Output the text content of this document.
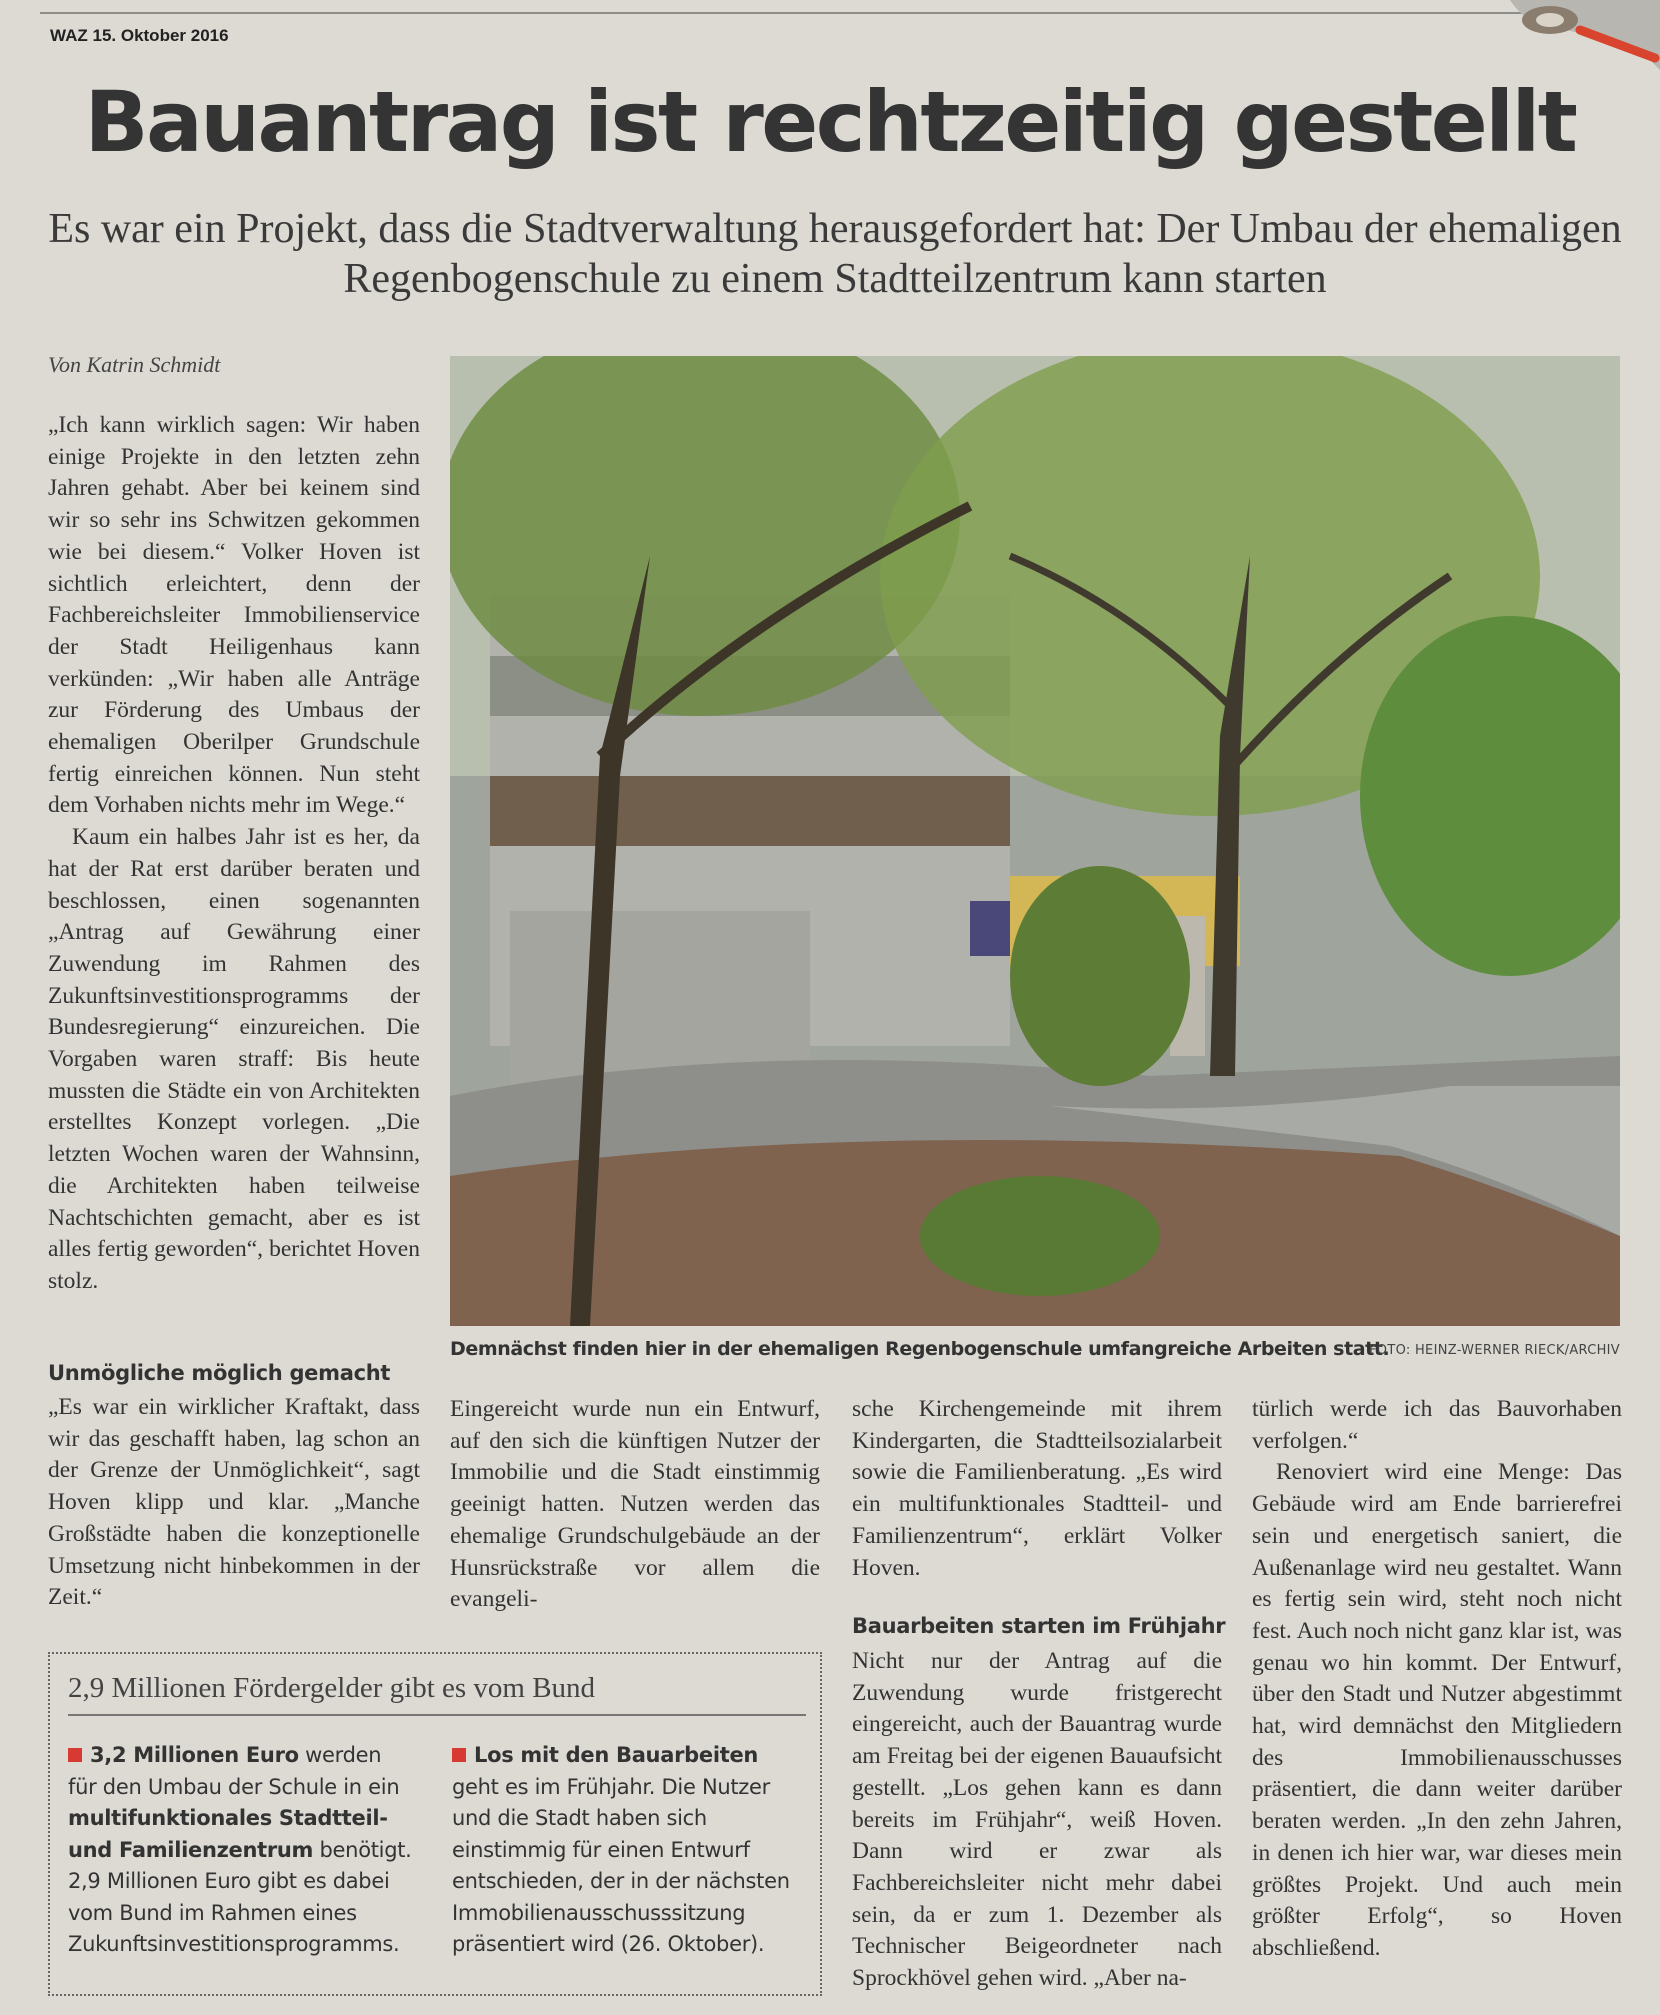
WAZ 15. Oktober 2016
Bauantrag ist rechtzeitig gestellt
Es war ein Projekt, dass die Stadtverwaltung herausgefordert hat: Der Umbau der ehemaligen Regenbogenschule zu einem Stadtteilzentrum kann starten
Von Katrin Schmidt

„Ich kann wirklich sagen: Wir haben einige Projekte in den letzten zehn Jahren gehabt. Aber bei keinem sind wir so sehr ins Schwitzen gekommen wie bei diesem.“ Volker Hoven ist sichtlich erleichtert, denn der Fachbereichsleiter Immobilienservice der Stadt Heiligenhaus kann verkünden: „Wir haben alle Anträge zur Förderung des Umbaus der ehemaligen Oberilper Grundschule fertig einreichen können. Nun steht dem Vorhaben nichts mehr im Wege.“

Kaum ein halbes Jahr ist es her, da hat der Rat erst darüber beraten und beschlossen, einen sogenannten „Antrag auf Gewährung einer Zuwendung im Rahmen des Zukunftsinvestitionsprogramms der Bundesregierung“ einzureichen. Die Vorgaben waren straff: Bis heute mussten die Städte ein von Architekten erstelltes Konzept vorlegen. „Die letzten Wochen waren der Wahnsinn, die Architekten haben teilweise Nachtschichten gemacht, aber es ist alles fertig geworden“, berichtet Hoven stolz.

Unmögliche möglich gemacht

„Es war ein wirklicher Kraftakt, dass wir das geschafft haben, lag schon an der Grenze der Unmöglichkeit“, sagt Hoven klipp und klar. „Manche Großstädte haben die konzeptionelle Umsetzung nicht hinbekommen in der Zeit.“

Demnächst finden hier in der ehemaligen Regenbogenschule umfangreiche Arbeiten statt.
FOTO: HEINZ-WERNER RIECK/ARCHIV

Eingereicht wurde nun ein Entwurf, auf den sich die künftigen Nutzer der Immobilie und die Stadt einstimmig geeinigt hatten. Nutzen werden das ehemalige Grundschulgebäude an der Hunsrückstraße vor allem die evangeli-

sche Kirchengemeinde mit ihrem Kindergarten, die Stadtteilsozialarbeit sowie die Familienberatung. „Es wird ein multifunktionales Stadtteil- und Familienzentrum“, erklärt Volker Hoven.

Bauarbeiten starten im Frühjahr

Nicht nur der Antrag auf die Zuwendung wurde fristgerecht eingereicht, auch der Bauantrag wurde am Freitag bei der eigenen Bauaufsicht gestellt. „Los gehen kann es dann bereits im Frühjahr“, weiß Hoven. Dann wird er zwar als Fachbereichsleiter nicht mehr dabei sein, da er zum 1. Dezember als Technischer Beigeordneter nach Sprockhövel gehen wird. „Aber na-

türlich werde ich das Bauvorhaben verfolgen.“

Renoviert wird eine Menge: Das Gebäude wird am Ende barrierefrei sein und energetisch saniert, die Außenanlage wird neu gestaltet. Wann es fertig sein wird, steht noch nicht fest. Auch noch nicht ganz klar ist, was genau wo hin kommt. Der Entwurf, über den Stadt und Nutzer abgestimmt hat, wird demnächst den Mitgliedern des Immobilienausschusses präsentiert, die dann weiter darüber beraten werden. „In den zehn Jahren, in denen ich hier war, war dieses mein größtes Projekt. Und auch mein größter Erfolg“, so Hoven abschließend.

2,9 Millionen Fördergelder gibt es vom Bund
3,2 Millionen Euro werden für den Umbau der Schule in ein multifunktionales Stadtteil- und Familienzentrum benötigt. 2,9 Millionen Euro gibt es dabei vom Bund im Rahmen eines Zukunftsinvestitionsprogramms.
Los mit den Bauarbeiten geht es im Frühjahr. Die Nutzer und die Stadt haben sich einstimmig für einen Entwurf entschieden, der in der nächsten Immobilienausschusssitzung präsentiert wird (26. Oktober).
